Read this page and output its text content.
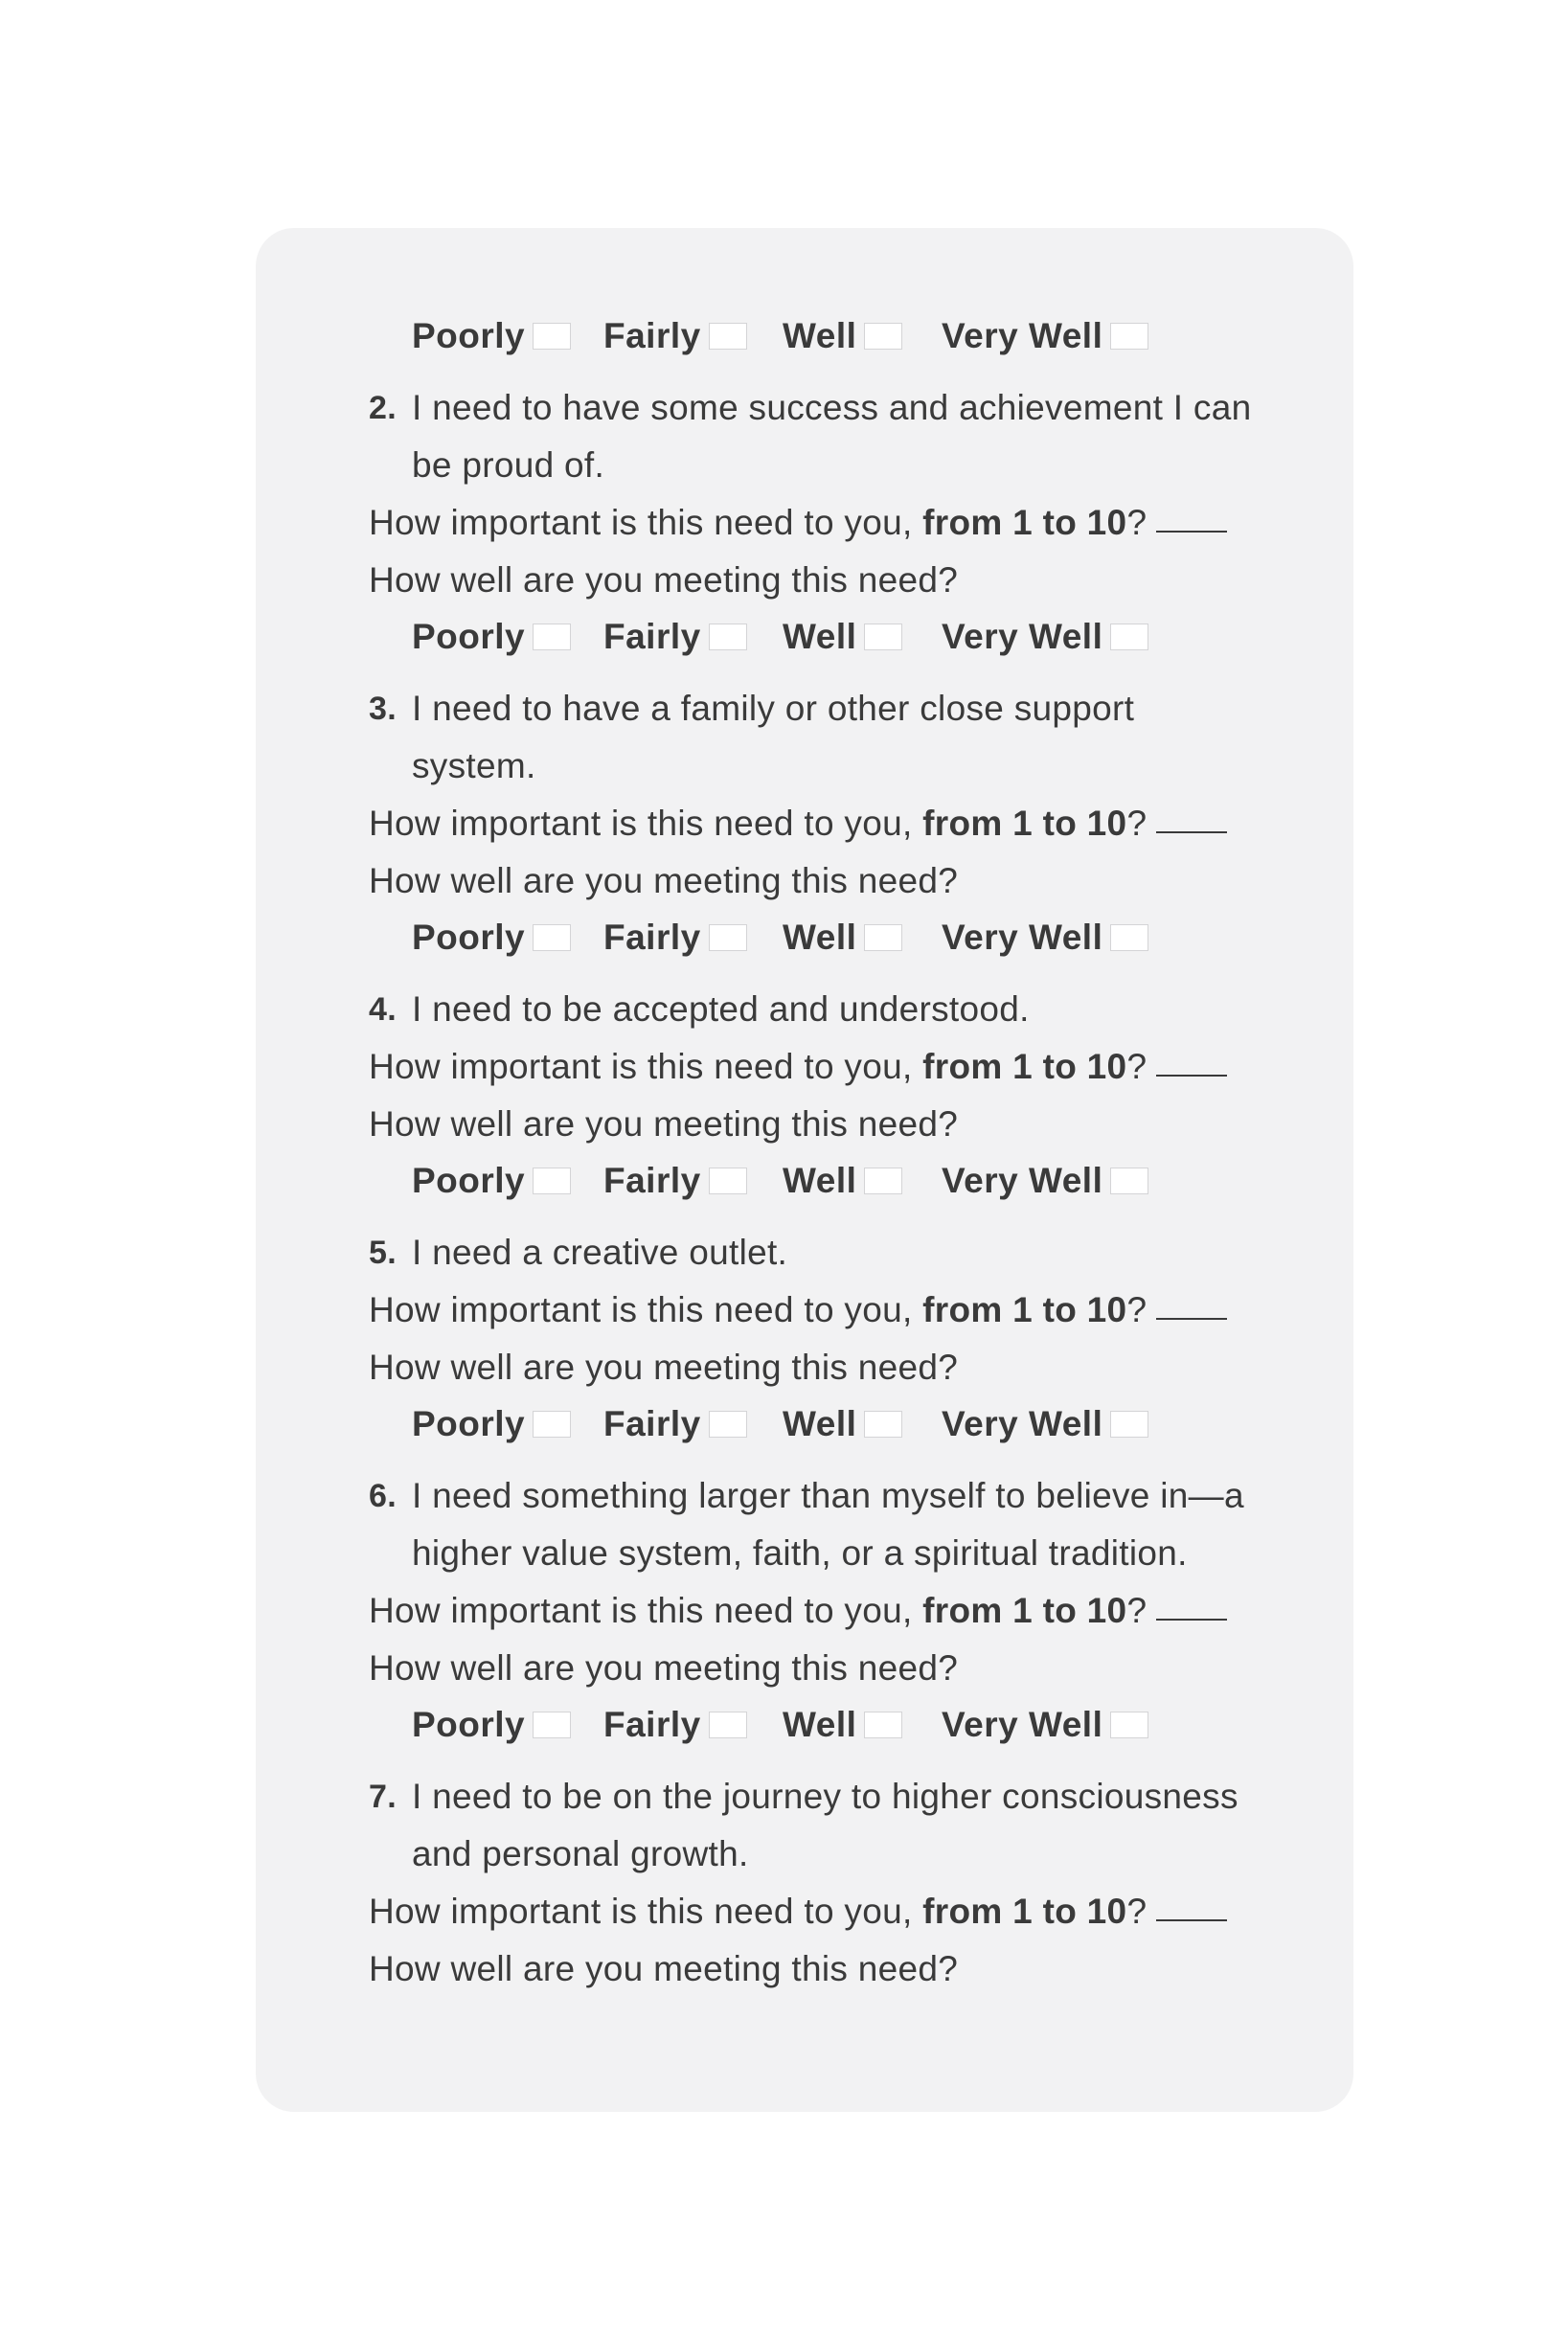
Poorly Fairly Well Very Well
2. I need to have some success and achievement I can
be proud of.
How important is this need to you, from 1 to 10?
How well are you meeting this need?
Poorly Fairly Well Very Well
3. I need to have a family or other close support
system.
How important is this need to you, from 1 to 10?
How well are you meeting this need?
Poorly Fairly Well Very Well
4. I need to be accepted and understood.
How important is this need to you, from 1 to 10?
How well are you meeting this need?
Poorly Fairly Well Very Well
5. I need a creative outlet.
How important is this need to you, from 1 to 10?
How well are you meeting this need?
Poorly Fairly Well Very Well
6. I need something larger than myself to believe in—a
higher value system, faith, or a spiritual tradition.
How important is this need to you, from 1 to 10?
How well are you meeting this need?
Poorly Fairly Well Very Well
7. I need to be on the journey to higher consciousness
and personal growth.
How important is this need to you, from 1 to 10?
How well are you meeting this need?
